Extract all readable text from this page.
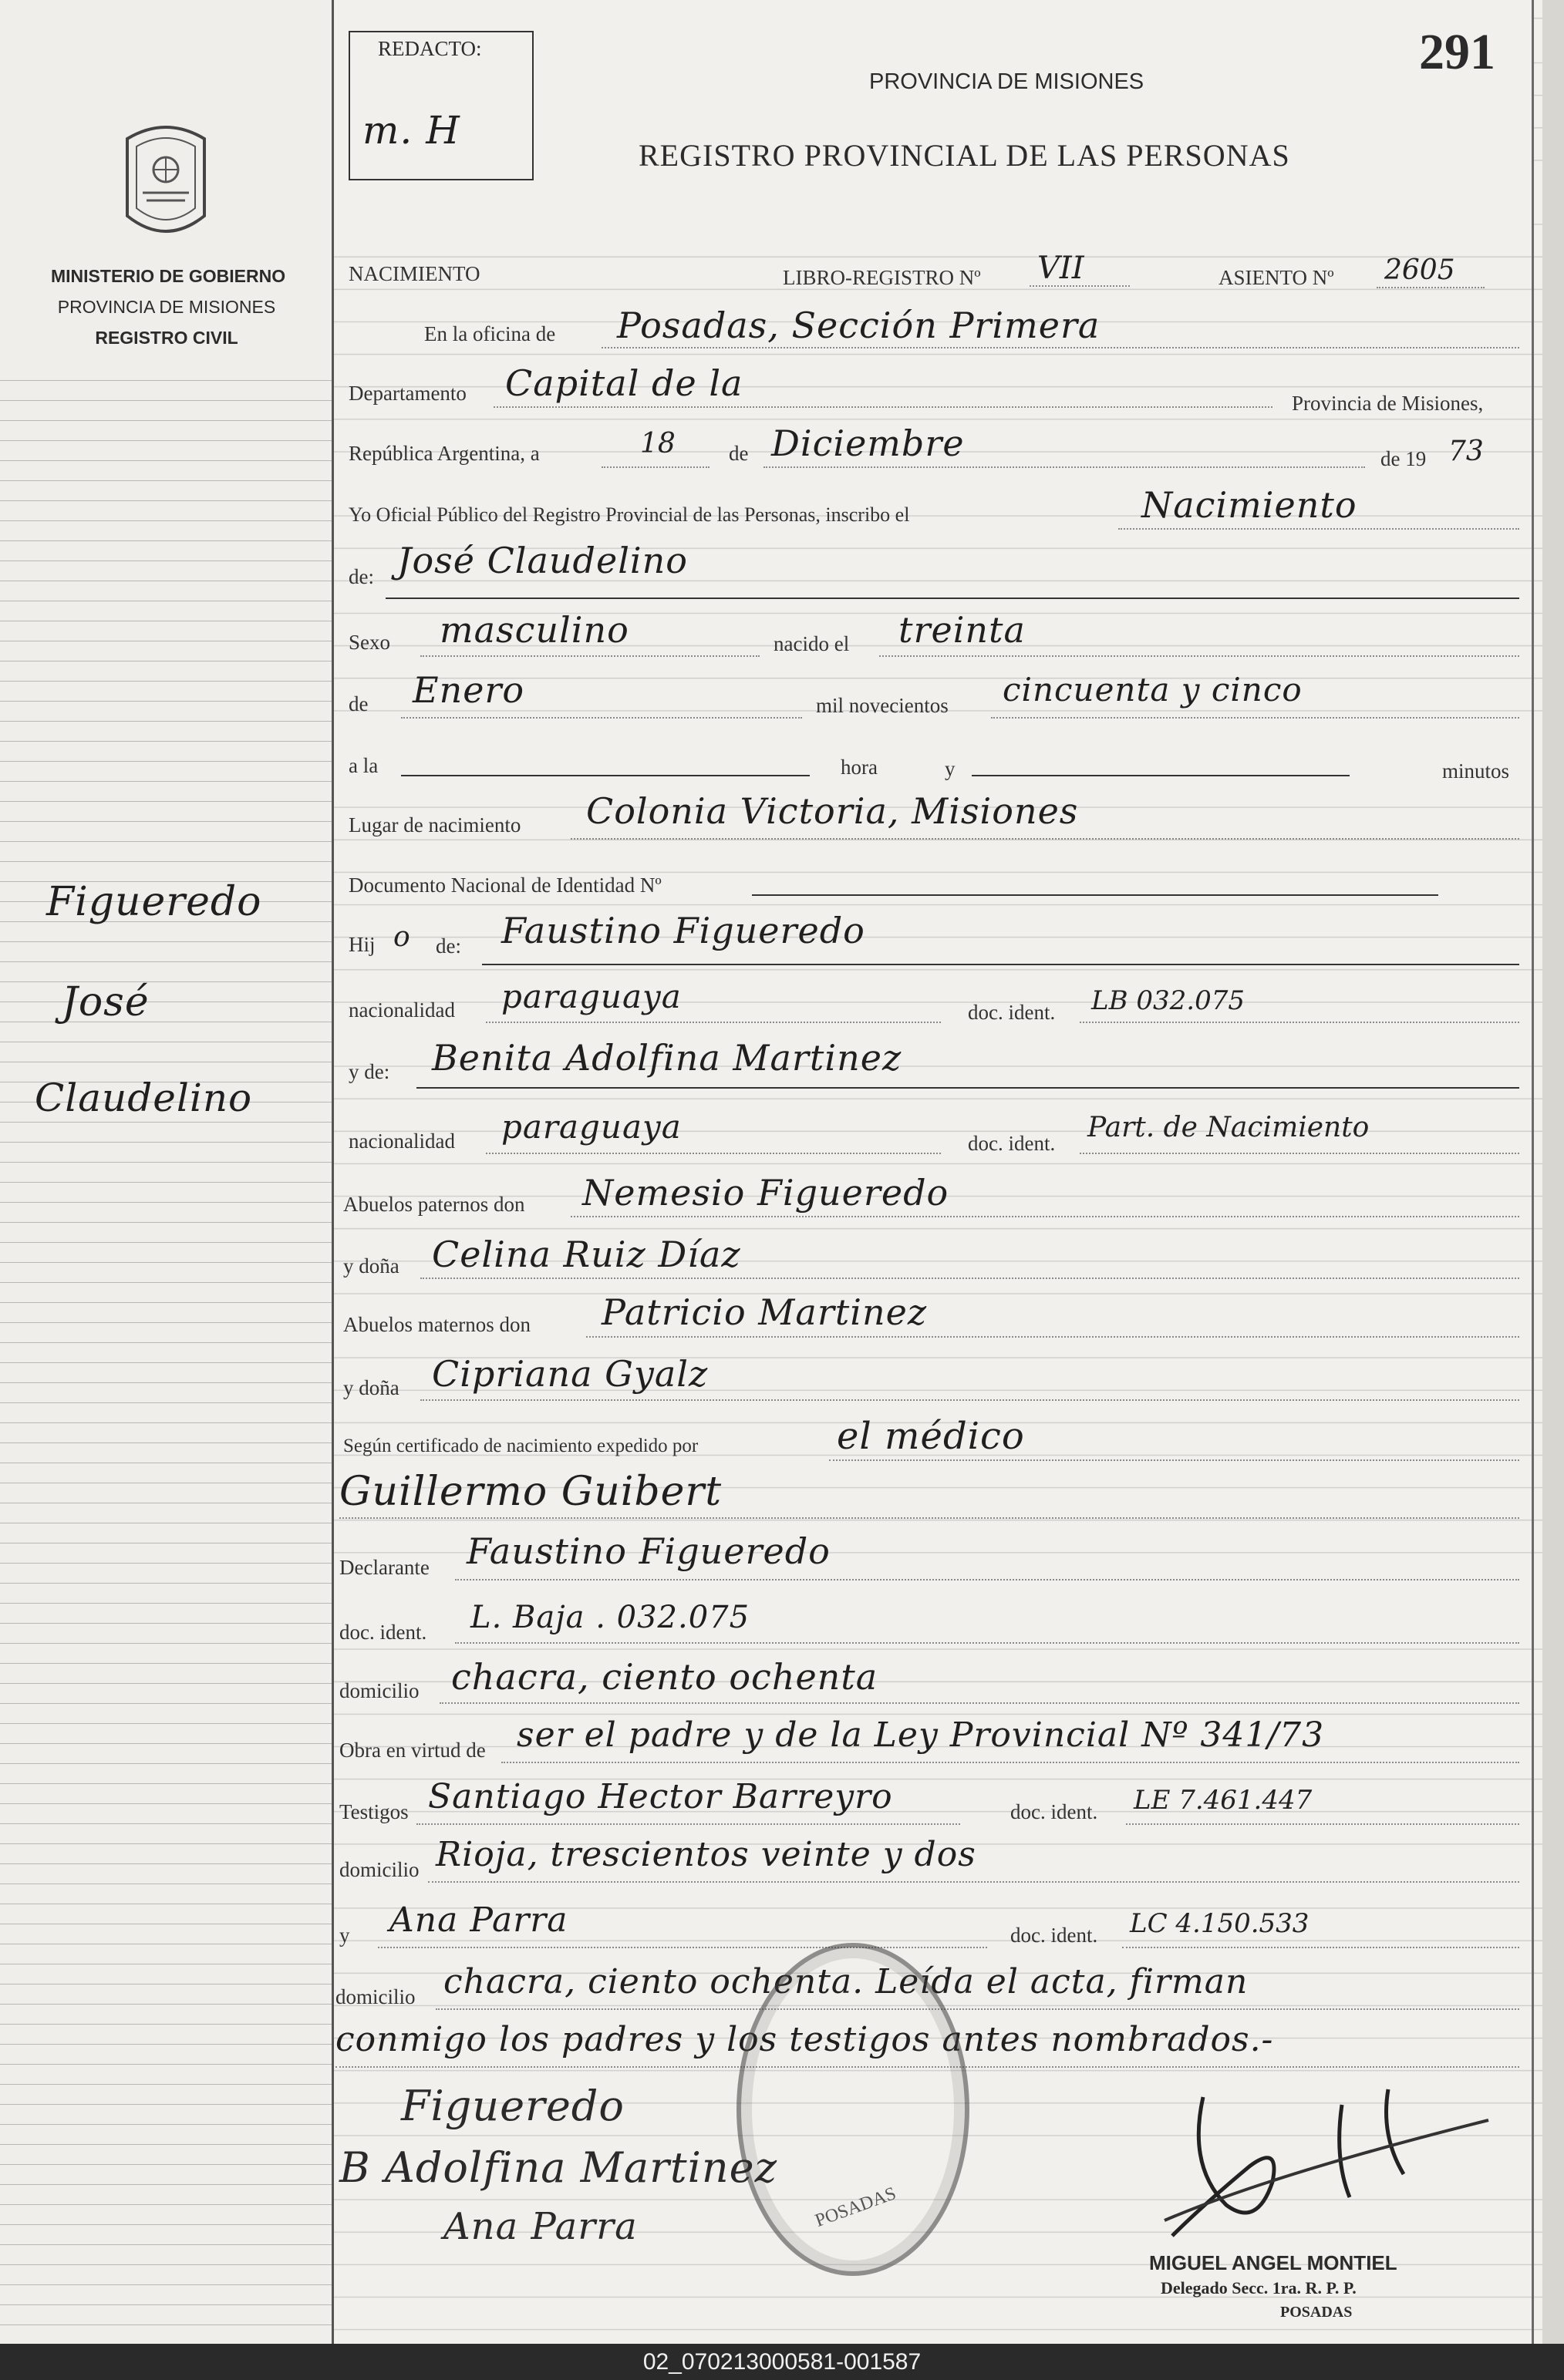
MINISTERIO DE GOBIERNO
PROVINCIA DE MISIONES
REGISTRO CIVIL
Figueredo
José
Claudelino
REDACTO:
m. H
291
PROVINCIA DE MISIONES
REGISTRO PROVINCIAL DE LAS PERSONAS
NACIMIENTO	LIBRO-REGISTRO Nº VII	ASIENTO Nº 2605
En la oficina de Posadas, Sección Primera
Departamento Capital de la	Provincia de Misiones,
República Argentina, a	18	de Diciembre	de 19 73
Yo Oficial Público del Registro Provincial de las Personas, inscribo el	Nacimiento
de: José Claudelino
Sexo masculino	nacido el treinta
de Enero	mil novecientos cincuenta y cinco
a la	hora	y	minutos
Lugar de nacimiento Colonia Victoria, Misiones
Documento Nacional de Identidad Nº
Hij o de: Faustino Figueredo
nacionalidad paraguaya	doc. ident. LB 032.075
y de: Benita Adolfina Martinez
nacionalidad paraguaya	doc. ident. Part. de Nacimiento
Abuelos paternos don Nemesio Figueredo
y doña Celina Ruiz Díaz
Abuelos maternos don Patricio Martinez
y doña Cipriana Gyalz
Según certificado de nacimiento expedido por	el médico
Guillermo Guibert
Declarante Faustino Figueredo
doc. ident. L. Baja . 032.075
domicilio chacra, ciento ochenta
Obra en virtud de ser el padre y de la Ley Provincial Nº 341/73
Testigos Santiago Hector Barreyro	doc. ident. LE 7.461.447
domicilio Rioja, trescientos veinte y dos
y Ana Parra	doc. ident. LC 4.150.533
domicilio chacra, ciento ochenta. Leída el acta, firman
conmigo los padres y los testigos antes nombrados.-
POSADAS
Figueredo
B Adolfina Martinez
Ana Parra
MIGUEL ANGEL MONTIEL
Delegado Secc. 1ra. R. P. P.
POSADAS
02_070213000581-001587
